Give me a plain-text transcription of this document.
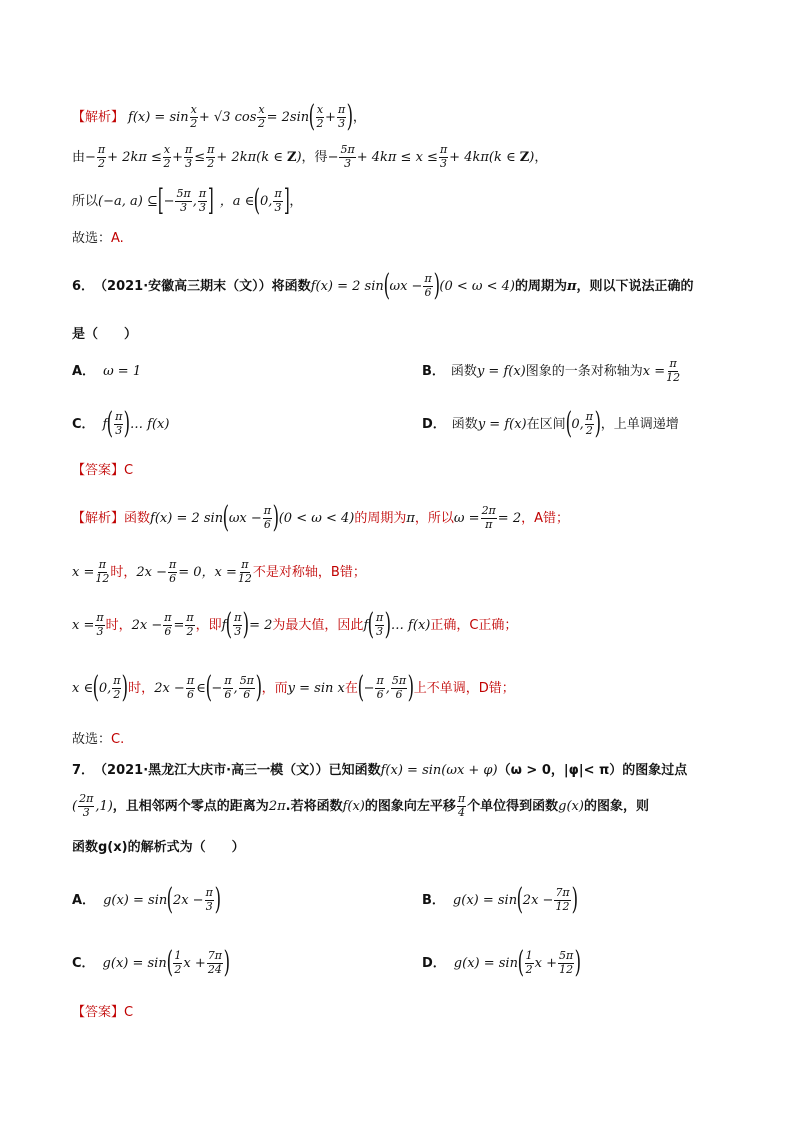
【解析】 $f(x) = \sin \frac{x}{2} + √3$ $\cos \frac{x}{2} = 2\sin$ ( $\frac{x}{2} + \frac{\pi}{3}$ ) ，
由 − $\frac{\pi}{2} + 2k\pi \le \frac{x}{2} + \frac{\pi}{3} \le \frac{\pi}{2} + 2k\pi(k$ ∈ Z) ，得 − $\frac{5\pi}{3} + 4k\pi \le x \le \frac{\pi}{3} + 4k\pi(k$ ∈ Z) ，
所以 (−a, a) ⊆ [ − $\frac{5\pi}{3}$ , $\frac{\pi}{3}$ ] ，a ∈ ( 0, $\frac{\pi}{3}$ ] ，
故选： A.
6． （2021·安徽高三期末（文）） 将函数 f(x) = 2 sin ( $\omega x - \frac{\pi}{6}$ ) (0 < ω < 4) 的周期为 π ，则以下说法正确的
是（　　）
A． ω = 1	B． 函数 y = f(x) 图象的一条对称轴为 $x = \frac{\pi}{12}$
C． f ( $\frac{\pi}{3}$ ) … f(x)	D． 函数 y = f(x) 在区间 ( 0, $\frac{\pi}{2}$ ) ，上单调递增
【答案】 C
【解析】 函数 f(x) = 2 sin ( $\omega x - \frac{\pi}{6}$ ) (0 < ω < 4) 的周期为 π ，所以 $\omega = \frac{2\pi}{\pi} = 2$ ，A错；
$x = \frac{\pi}{12}$ 时， $2x - \frac{\pi}{6} = 0$，$x = \frac{\pi}{12}$ 不是对称轴，B错；
$x = \frac{\pi}{3}$ 时， $2x - \frac{\pi}{6} = \frac{\pi}{2}$ ，即 f ( $\frac{\pi}{3}$ ) = 2 为最大值，因此 f ( $\frac{\pi}{3}$ ) … f(x) 正确，C正确；
x ∈ ( 0, $\frac{\pi}{2}$ ) 时， $2x - \frac{\pi}{6}$ ∈ ( − $\frac{\pi}{6}$ , $\frac{5\pi}{6}$ ) ，而 y = sin x 在 ( − $\frac{\pi}{6}$ , $\frac{5\pi}{6}$ ) 上不单调，D错；
故选： C.
7． （2021·黑龙江大庆市·高三一模（文）） 已知函数 f(x) = sin(ωx + φ) （ω > 0，|φ|< π）的图象过点
( $\frac{2\pi}{3} ,1$) ，且相邻两个零点的距离为 2π .若将函数 f(x) 的图象向左平移 $\frac{\pi}{4}$ 个单位得到函数 g(x) 的图象，则
函数g(x)的解析式为（　　）
A． g(x) = sin ( $2x - \frac{\pi}{3}$ )	B． g(x) = sin ( $2x - \frac{7\pi}{12}$ )
C． g(x) = sin ( $\frac{1}{2}$ $x + \frac{7\pi}{24}$ )	D． g(x) = sin ( $\frac{1}{2}$ $x + \frac{5\pi}{12}$ )
【答案】 C
